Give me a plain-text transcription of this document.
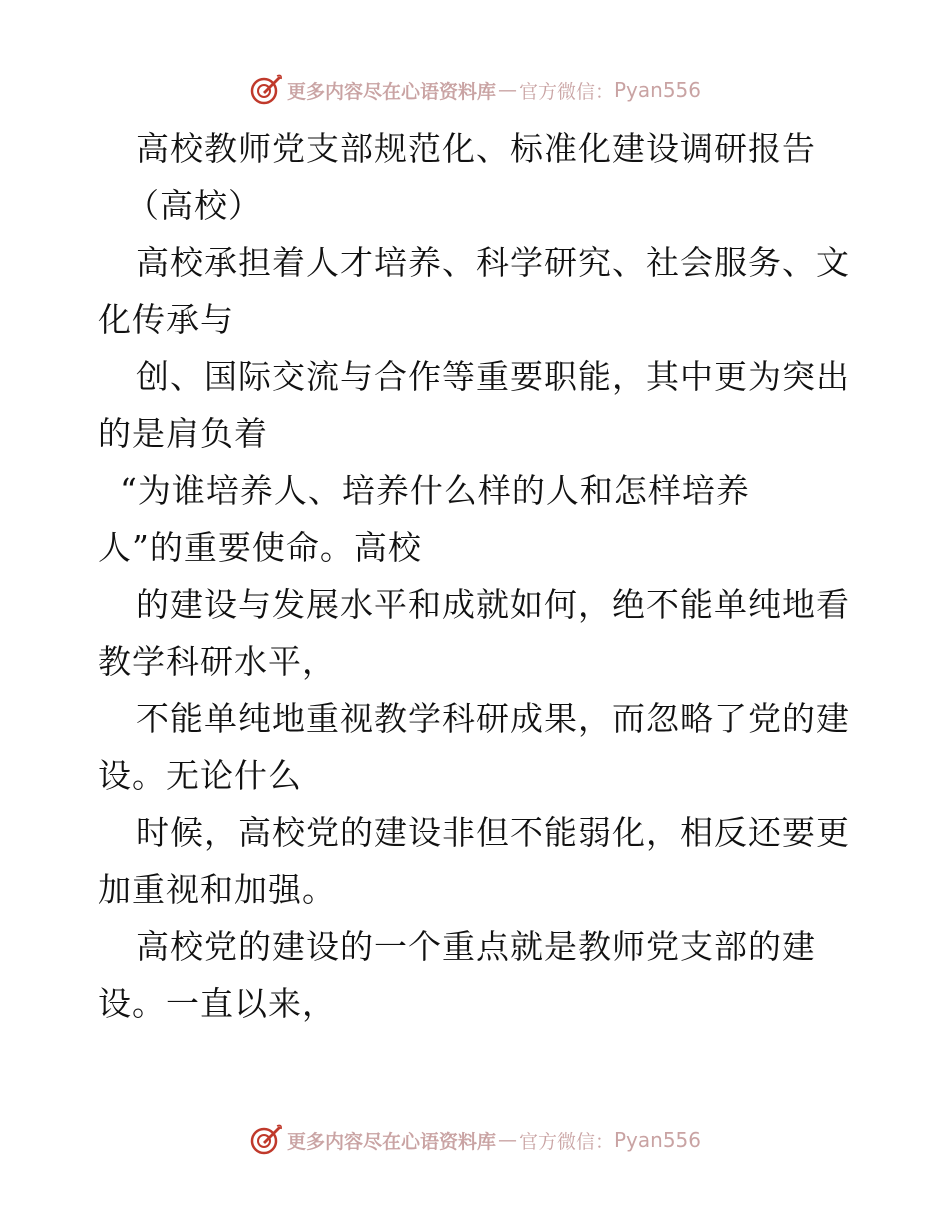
更多内容尽在心语资料库 — 官方微信： Pyan556
高校教师党支部规范化、标准化建设调研报告
（高校）
高校承担着人才培养、科学研究、社会服务、文
化传承与
创、国际交流与合作等重要职能，其中更为突出
的是肩负着
“为谁培养人、培养什么样的人和怎样培养
人”的重要使命。高校
的建设与发展水平和成就如何，绝不能单纯地看
教学科研水平，
不能单纯地重视教学科研成果，而忽略了党的建
设。无论什么
时候，高校党的建设非但不能弱化，相反还要更
加重视和加强。
高校党的建设的一个重点就是教师党支部的建
设。一直以来，
更多内容尽在心语资料库 — 官方微信： Pyan556
